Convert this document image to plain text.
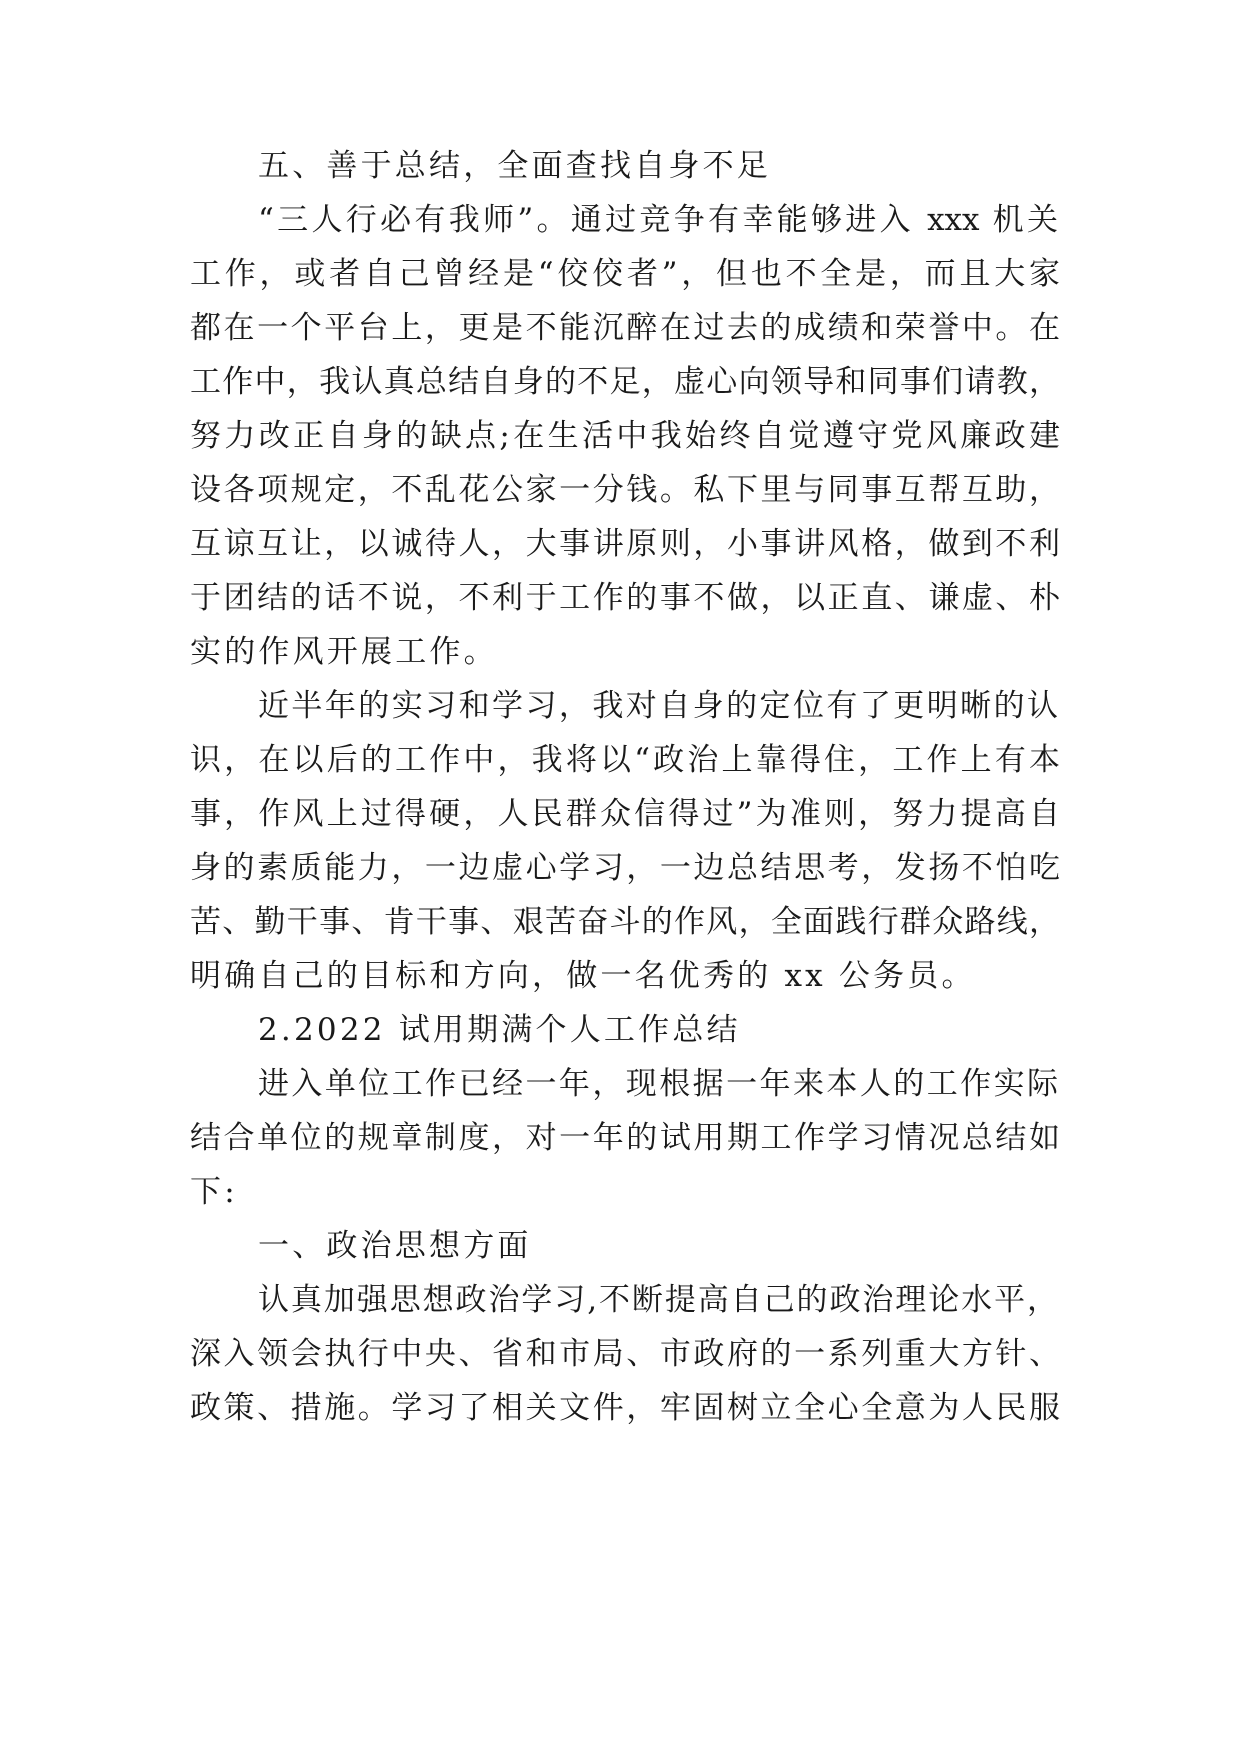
五、善于总结，全面查找自身不足
“三人行必有我师”。通过竞争有幸能够进入 xxx 机关
工作，或者自己曾经是“佼佼者”，但也不全是，而且大家
都在一个平台上，更是不能沉醉在过去的成绩和荣誉中。在
工作中，我认真总结自身的不足，虚心向领导和同事们请教，
努力改正自身的缺点;在生活中我始终自觉遵守党风廉政建
设各项规定，不乱花公家一分钱。私下里与同事互帮互助，
互谅互让，以诚待人，大事讲原则，小事讲风格，做到不利
于团结的话不说，不利于工作的事不做，以正直、谦虚、朴
实的作风开展工作。
近半年的实习和学习，我对自身的定位有了更明晰的认
识，在以后的工作中，我将以“政治上靠得住，工作上有本
事，作风上过得硬，人民群众信得过”为准则，努力提高自
身的素质能力，一边虚心学习，一边总结思考，发扬不怕吃
苦、勤干事、肯干事、艰苦奋斗的作风，全面践行群众路线，
明确自己的目标和方向，做一名优秀的 xx 公务员。
2.2022 试用期满个人工作总结
进入单位工作已经一年，现根据一年来本人的工作实际
结合单位的规章制度，对一年的试用期工作学习情况总结如
下:
一、政治思想方面
认真加强思想政治学习,不断提高自己的政治理论水平，
深入领会执行中央、省和市局、市政府的一系列重大方针、
政策、措施。学习了相关文件，牢固树立全心全意为人民服
